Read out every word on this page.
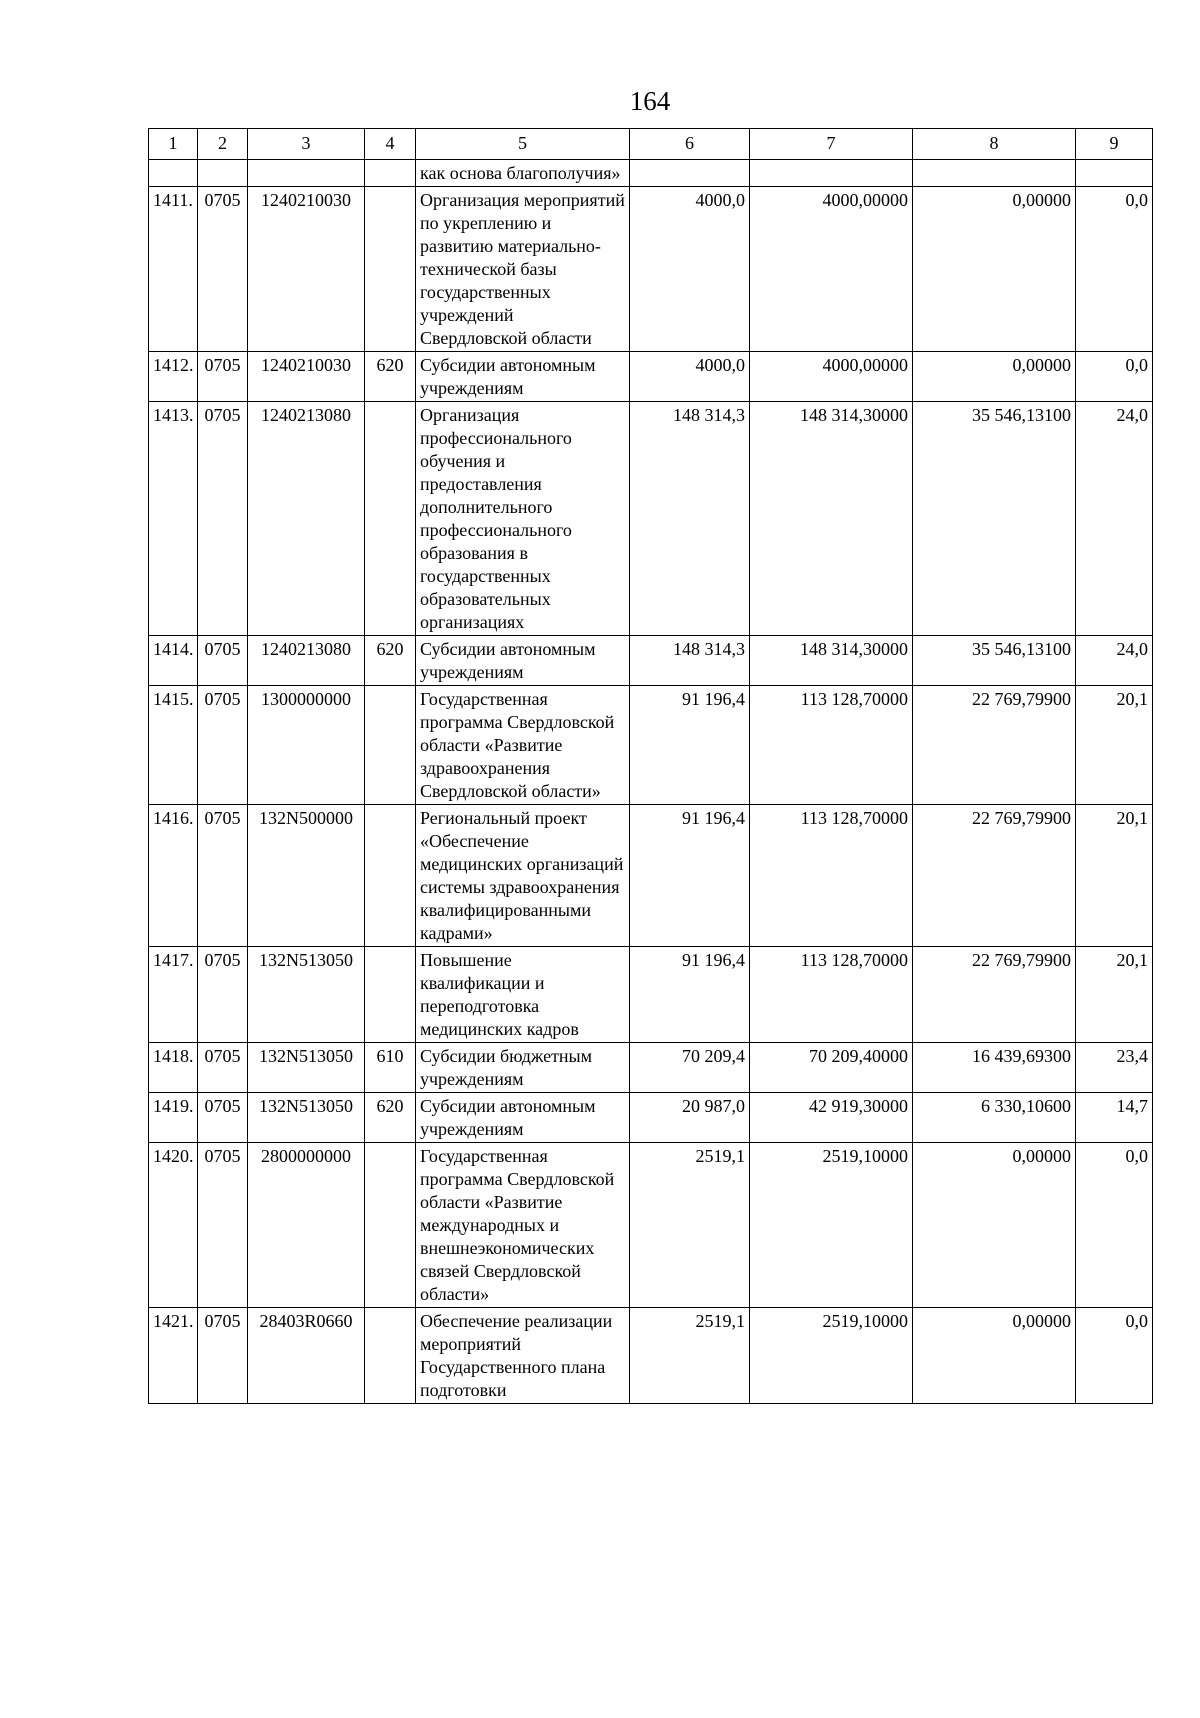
164
1	2	3	4	5	6	7	8	9
				как основа благополучия»				
1411.	0705	1240210030		Организация мероприятий по укреплению и развитию материально-технической базы государственных учреждений Свердловской области	4000,0	4000,00000	0,00000	0,0
1412.	0705	1240210030	620	Субсидии автономным учреждениям	4000,0	4000,00000	0,00000	0,0
1413.	0705	1240213080		Организация профессионального обучения и предоставления дополнительного профессионального образования в государственных образовательных организациях	148 314,3	148 314,30000	35 546,13100	24,0
1414.	0705	1240213080	620	Субсидии автономным учреждениям	148 314,3	148 314,30000	35 546,13100	24,0
1415.	0705	1300000000		Государственная программа Свердловской области «Развитие здравоохранения Свердловской области»	91 196,4	113 128,70000	22 769,79900	20,1
1416.	0705	132N500000		Региональный проект «Обеспечение медицинских организаций системы здравоохранения квалифицированными кадрами»	91 196,4	113 128,70000	22 769,79900	20,1
1417.	0705	132N513050		Повышение квалификации и переподготовка медицинских кадров	91 196,4	113 128,70000	22 769,79900	20,1
1418.	0705	132N513050	610	Субсидии бюджетным учреждениям	70 209,4	70 209,40000	16 439,69300	23,4
1419.	0705	132N513050	620	Субсидии автономным учреждениям	20 987,0	42 919,30000	6 330,10600	14,7
1420.	0705	2800000000		Государственная программа Свердловской области «Развитие международных и внешнеэкономических связей Свердловской области»	2519,1	2519,10000	0,00000	0,0
1421.	0705	28403R0660		Обеспечение реализации мероприятий Государственного плана подготовки	2519,1	2519,10000	0,00000	0,0
